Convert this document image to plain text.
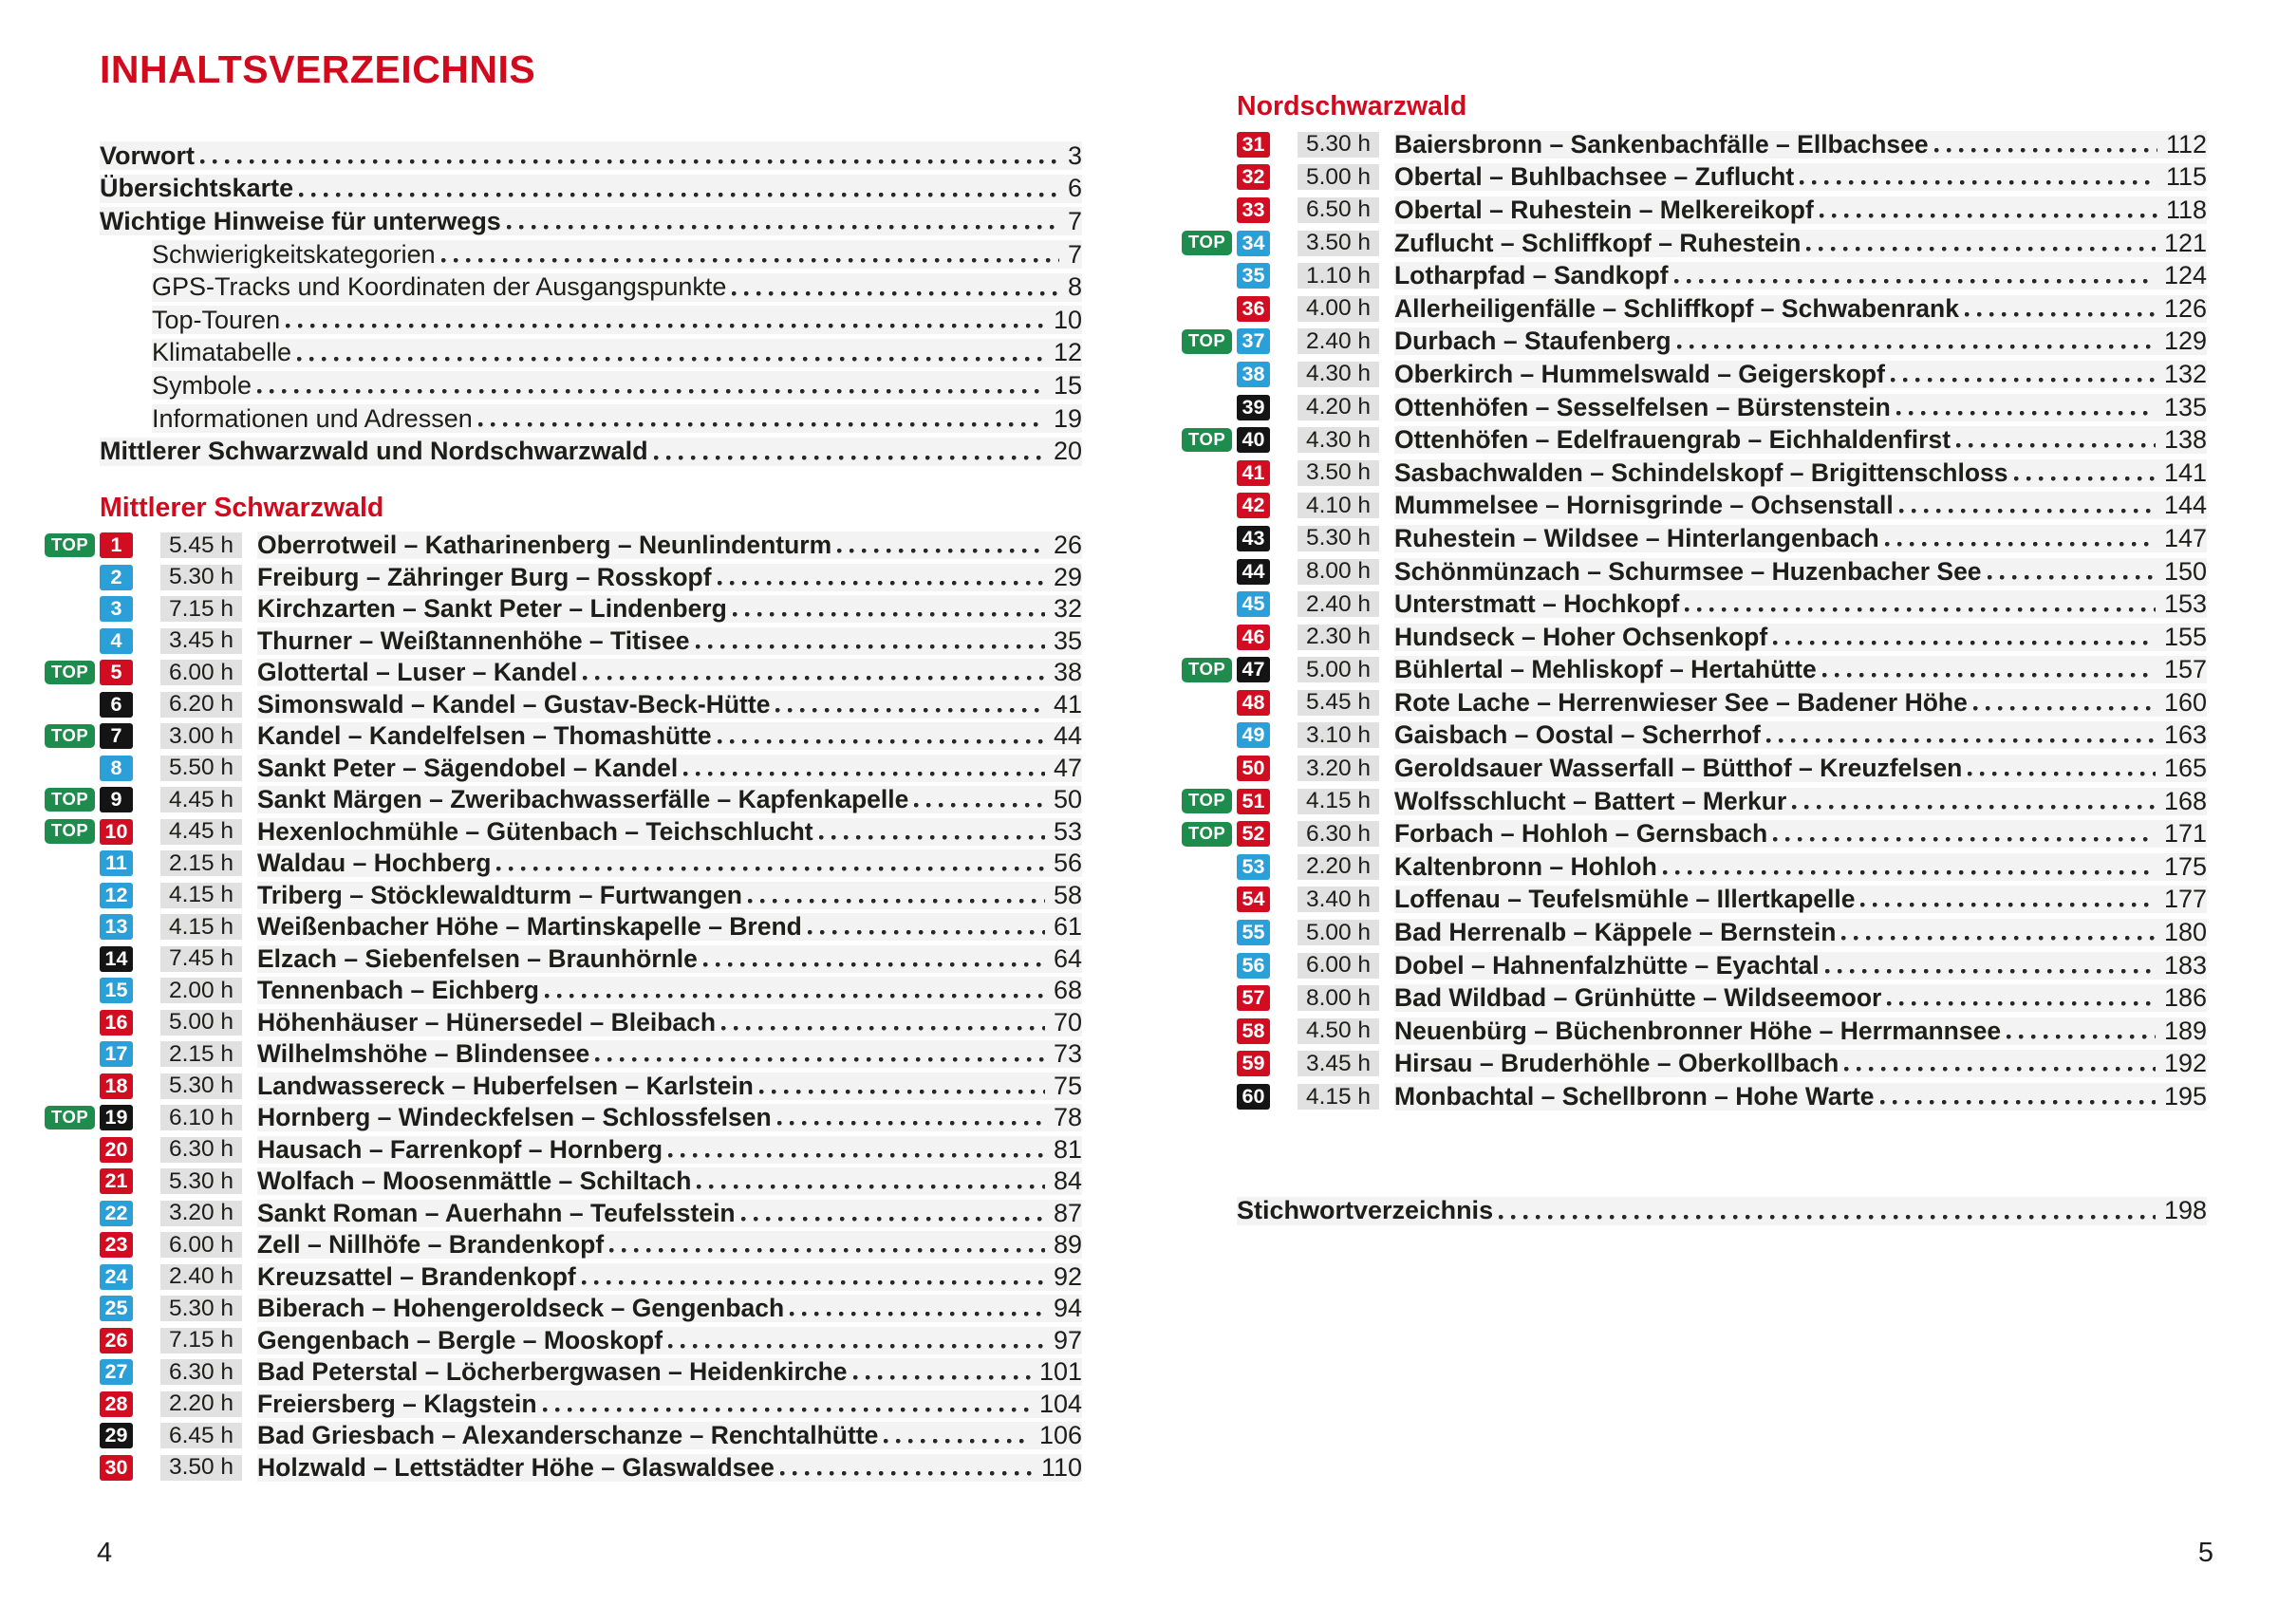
INHALTSVERZEICHNIS
Vorwort	3
Übersichtskarte	6
Wichtige Hinweise für unterwegs	7
Schwierigkeitskategorien	7
GPS-Tracks und Koordinaten der Ausgangspunkte	8
Top-Touren	10
Klimatabelle	12
Symbole	15
Informationen und Adressen	19
Mittlerer Schwarzwald und Nordschwarzwald	20
Mittlerer Schwarzwald
TOP	1	5.45 h Oberrotweil – Katharinenberg – Neunlindenturm	26
2	5.30 h Freiburg – Zähringer Burg – Rosskopf	29
3	7.15 h Kirchzarten – Sankt Peter – Lindenberg	32
4	3.45 h Thurner – Weißtannenhöhe – Titisee	35
TOP	5	6.00 h Glottertal – Luser – Kandel	38
6	6.20 h Simonswald – Kandel – Gustav-Beck-Hütte	41
TOP	7	3.00 h Kandel – Kandelfelsen – Thomashütte	44
8	5.50 h Sankt Peter – Sägendobel – Kandel	47
TOP	9	4.45 h Sankt Märgen – Zweribachwasserfälle – Kapfenkapelle	50
TOP 10	4.45 h Hexenlochmühle – Gütenbach – Teichschlucht	53
11	2.15 h Waldau – Hochberg	56
12	4.15 h Triberg – Stöcklewaldturm – Furtwangen	58
13	4.15 h Weißenbacher Höhe – Martinskapelle – Brend	61
14	7.45 h Elzach – Siebenfelsen – Braunhörnle	64
15	2.00 h Tennenbach – Eichberg	68
16	5.00 h Höhenhäuser – Hünersedel – Bleibach	70
17	2.15 h Wilhelmshöhe – Blindensee	73
18	5.30 h Landwassereck – Huberfelsen – Karlstein	75
TOP 19	6.10 h Hornberg – Windeckfelsen – Schlossfelsen	78
20	6.30 h Hausach – Farrenkopf – Hornberg	81
21	5.30 h Wolfach – Moosenmättle – Schiltach	84
22	3.20 h Sankt Roman – Auerhahn – Teufelsstein	87
23	6.00 h Zell – Nillhöfe – Brandenkopf	89
24	2.40 h Kreuzsattel – Brandenkopf	92
25	5.30 h Biberach – Hohengeroldseck – Gengenbach	94
26	7.15 h Gengenbach – Bergle – Mooskopf	97
27	6.30 h Bad Peterstal – Löcherbergwasen – Heidenkirche	101
28	2.20 h Freiersberg – Klagstein	104
29	6.45 h Bad Griesbach – Alexanderschanze – Renchtalhütte	106
30	3.50 h Holzwald – Lettstädter Höhe – Glaswaldsee	110
Nordschwarzwald
31	5.30 h Baiersbronn – Sankenbachfälle – Ellbachsee	112
32	5.00 h Obertal – Buhlbachsee – Zuflucht	115
33	6.50 h Obertal – Ruhestein – Melkereikopf	118
TOP 34	3.50 h Zuflucht – Schliffkopf – Ruhestein	121
35	1.10 h Lotharpfad – Sandkopf	124
36	4.00 h Allerheiligenfälle – Schliffkopf – Schwabenrank	126
TOP 37	2.40 h Durbach – Staufenberg	129
38	4.30 h Oberkirch – Hummelswald – Geigerskopf	132
39	4.20 h Ottenhöfen – Sesselfelsen – Bürstenstein	135
TOP 40	4.30 h Ottenhöfen – Edelfrauengrab – Eichhaldenfirst	138
41	3.50 h Sasbachwalden – Schindelskopf – Brigittenschloss	141
42	4.10 h Mummelsee – Hornisgrinde – Ochsenstall	144
43	5.30 h Ruhestein – Wildsee – Hinterlangenbach	147
44	8.00 h Schönmünzach – Schurmsee – Huzenbacher See	150
45	2.40 h Unterstmatt – Hochkopf	153
46	2.30 h Hundseck – Hoher Ochsenkopf	155
TOP 47	5.00 h Bühlertal – Mehliskopf – Hertahütte	157
48	5.45 h Rote Lache – Herrenwieser See – Badener Höhe	160
49	3.10 h Gaisbach – Oostal – Scherrhof	163
50	3.20 h Geroldsauer Wasserfall – Bütthof – Kreuzfelsen	165
TOP 51	4.15 h Wolfsschlucht – Battert – Merkur	168
TOP 52	6.30 h Forbach – Hohloh – Gernsbach	171
53	2.20 h Kaltenbronn – Hohloh	175
54	3.40 h Loffenau – Teufelsmühle – Illertkapelle	177
55	5.00 h Bad Herrenalb – Käppele – Bernstein	180
56	6.00 h Dobel – Hahnenfalzhütte – Eyachtal	183
57	8.00 h Bad Wildbad – Grünhütte – Wildseemoor	186
58	4.50 h Neuenbürg – Büchenbronner Höhe – Herrmannsee	189
59	3.45 h Hirsau – Bruderhöhle – Oberkollbach	192
60	4.15 h Monbachtal – Schellbronn – Hohe Warte	195
Stichwortverzeichnis	198
4	5
